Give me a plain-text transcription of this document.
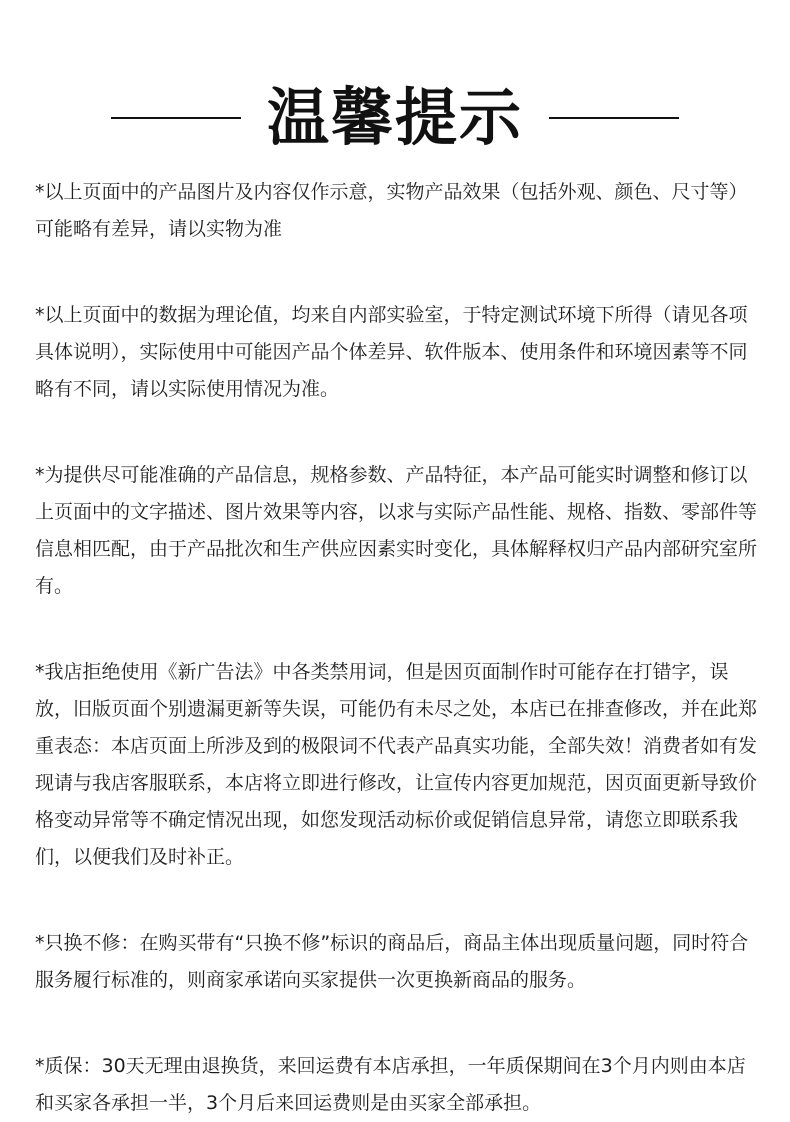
温馨提示

*以上页面中的产品图片及内容仅作示意，实物产品效果（包括外观、颜色、尺寸等）可能略有差异，请以实物为准

*以上页面中的数据为理论值，均来自内部实验室，于特定测试环境下所得（请见各项具体说明），实际使用中可能因产品个体差异、软件版本、使用条件和环境因素等不同略有不同，请以实际使用情况为准。

*为提供尽可能准确的产品信息，规格参数、产品特征，本产品可能实时调整和修订以上页面中的文字描述、图片效果等内容，以求与实际产品性能、规格、指数、零部件等信息相匹配，由于产品批次和生产供应因素实时变化，具体解释权归产品内部研究室所有。

*我店拒绝使用《新广告法》中各类禁用词，但是因页面制作时可能存在打错字，误放，旧版页面个别遗漏更新等失误，可能仍有未尽之处，本店已在排查修改，并在此郑重表态：本店页面上所涉及到的极限词不代表产品真实功能，全部失效！消费者如有发现请与我店客服联系，本店将立即进行修改，让宣传内容更加规范，因页面更新导致价格变动异常等不确定情况出现，如您发现活动标价或促销信息异常，请您立即联系我们，以便我们及时补正。

*只换不修：在购买带有“只换不修”标识的商品后，商品主体出现质量问题，同时符合服务履行标准的，则商家承诺向买家提供一次更换新商品的服务。

*质保：30天无理由退换货，来回运费有本店承担，一年质保期间在3个月内则由本店和买家各承担一半，3个月后来回运费则是由买家全部承担。
